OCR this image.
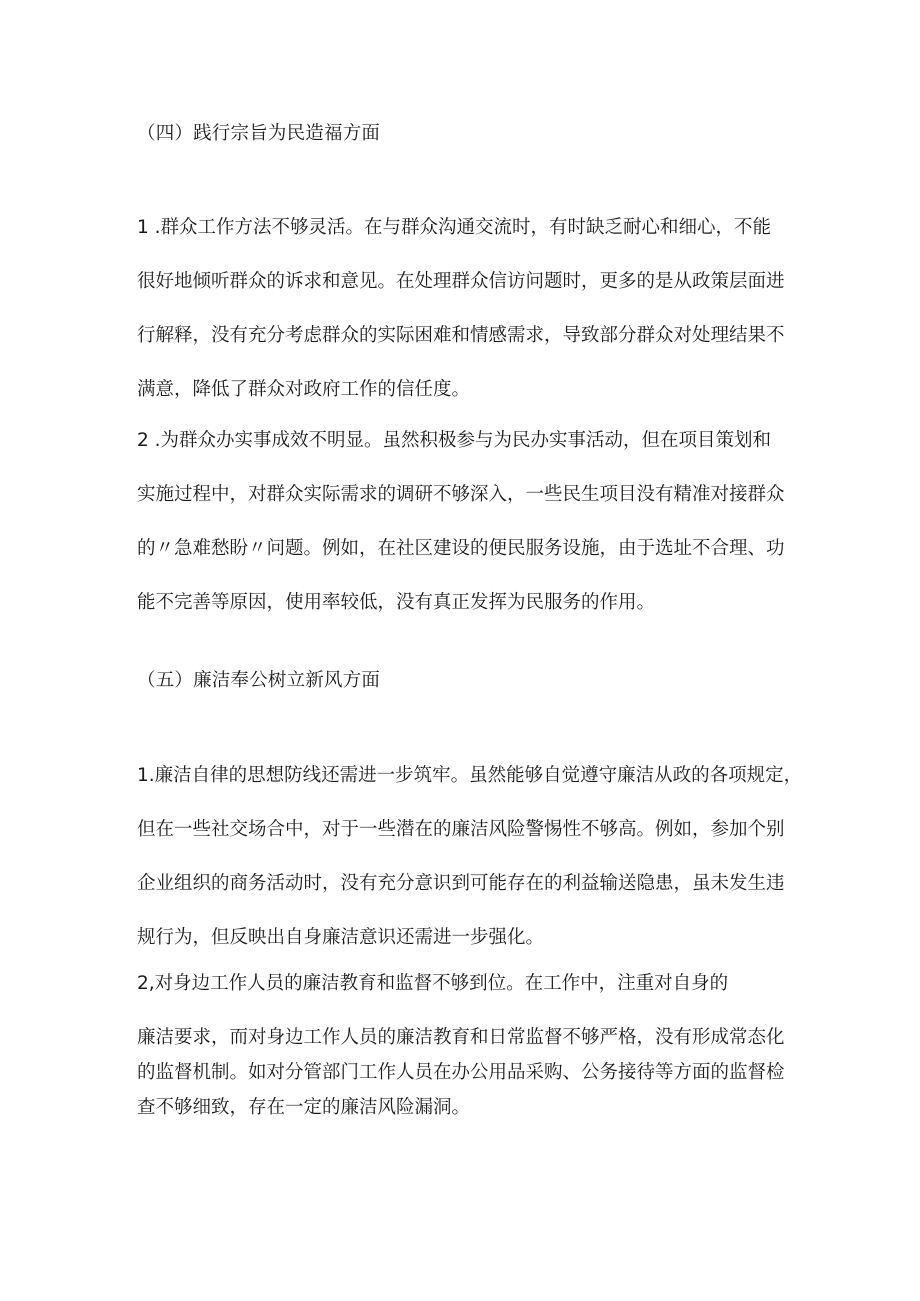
（四）践行宗旨为民造福方面
1 .群众工作方法不够灵活。在与群众沟通交流时，有时缺乏耐心和细心，不能
很好地倾听群众的诉求和意见。在处理群众信访问题时，更多的是从政策层面进
行解释，没有充分考虑群众的实际困难和情感需求，导致部分群众对处理结果不
满意，降低了群众对政府工作的信任度。
2 .为群众办实事成效不明显。虽然积极参与为民办实事活动，但在项目策划和
实施过程中，对群众实际需求的调研不够深入，一些民生项目没有精准对接群众
的〃急难愁盼〃问题。例如，在社区建设的便民服务设施，由于选址不合理、功
能不完善等原因，使用率较低，没有真正发挥为民服务的作用。
（五）廉洁奉公树立新风方面
1.廉洁自律的思想防线还需进一步筑牢。虽然能够自觉遵守廉洁从政的各项规定，
但在一些社交场合中，对于一些潜在的廉洁风险警惕性不够高。例如，参加个别
企业组织的商务活动时，没有充分意识到可能存在的利益输送隐患，虽未发生违
规行为，但反映出自身廉洁意识还需进一步强化。
2,对身边工作人员的廉洁教育和监督不够到位。在工作中，注重对自身的
廉洁要求，而对身边工作人员的廉洁教育和日常监督不够严格，没有形成常态化
的监督机制。如对分管部门工作人员在办公用品采购、公务接待等方面的监督检
查不够细致，存在一定的廉洁风险漏洞。
